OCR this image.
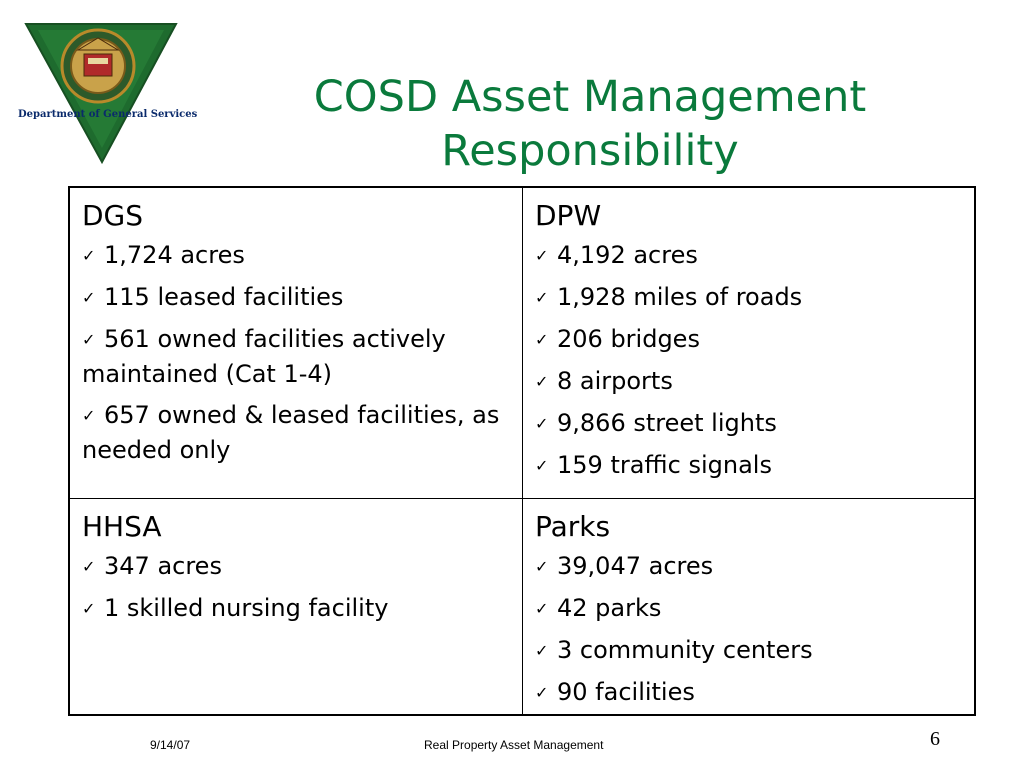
Department of General Services	COSD Asset Management
Responsibility
DGS
✓ 1,724 acres
✓ 115 leased facilities
✓ 561 owned facilities actively maintained (Cat 1-4)
✓ 657 owned & leased facilities, as needed only
DPW
✓ 4,192 acres
✓ 1,928 miles of roads
✓ 206 bridges
✓ 8 airports
✓ 9,866 street lights
✓ 159 traffic signals
HHSA
✓ 347 acres
✓ 1 skilled nursing facility
Parks
✓ 39,047 acres
✓ 42 parks
✓ 3 community centers
✓ 90 facilities
9/14/07	Real Property Asset Management	6
